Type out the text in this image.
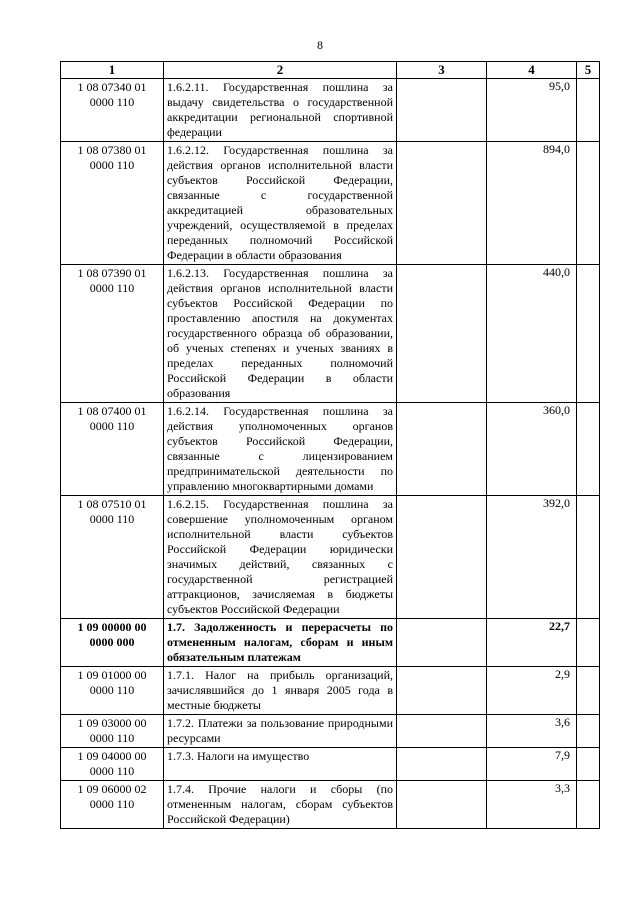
8
1	2	3	4	5

1 08 07340 01
0000 110	1.6.2.11. Государственная пошлина за выдачу свидетельства о государственной аккредитации региональной спортивной федерации		95,0	

1 08 07380 01
0000 110	1.6.2.12. Государственная пошлина за действия органов исполнительной власти субъектов Российской Федерации, связанные с государственной аккредитацией образовательных учреждений, осуществляемой в пределах переданных полномочий Российской Федерации в области образования		894,0	

1 08 07390 01
0000 110	1.6.2.13. Государственная пошлина за действия органов исполнительной власти субъектов Российской Федерации по проставлению апостиля на документах государственного образца об образовании, об ученых степенях и ученых званиях в пределах переданных полномочий Российской Федерации в области образования		440,0	

1 08 07400 01
0000 110	1.6.2.14. Государственная пошлина за действия уполномоченных органов субъектов Российской Федерации, связанные с лицензированием предпринимательской деятельности по управлению многоквартирными домами		360,0	

1 08 07510 01
0000 110	1.6.2.15. Государственная пошлина за совершение уполномоченным органом исполнительной власти субъектов Российской Федерации юридически значимых действий, связанных с государственной регистрацией аттракционов, зачисляемая в бюджеты субъектов Российской Федерации		392,0	

1 09 00000 00
0000 000	1.7. Задолженность и перерасчеты по отмененным налогам, сборам и иным обязательным платежам		22,7	

1 09 01000 00
0000 110	1.7.1. Налог на прибыль организаций, зачислявшийся до 1 января 2005 года в местные бюджеты		2,9	

1 09 03000 00
0000 110	1.7.2. Платежи за пользование природными ресурсами		3,6	

1 09 04000 00
0000 110	1.7.3. Налоги на имущество		7,9	

1 09 06000 02
0000 110	1.7.4. Прочие налоги и сборы (по отмененным налогам, сборам субъектов Российской Федерации)		3,3	
